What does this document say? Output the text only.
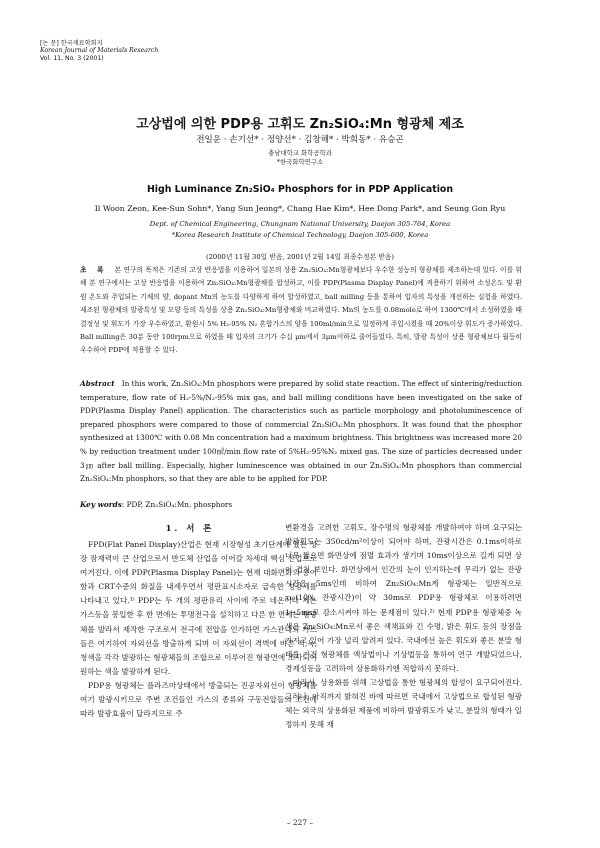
[논 문] 한국재료학회지
Korean Journal of Materials Research
Vol. 11, No. 3 (2001)
고상법에 의한 PDP용 고휘도 Zn₂SiO₄:Mn 형광체 제조
전일운 · 손기선* · 정양선* · 김창해* · 박희동* · 유승곤
충남대학교 화학공학과
*한국화학연구소
High Luminance Zn₂SiO₄ Phosphors for in PDP Application
Il Woon Zeon, Kee-Sun Sohn*, Yang Sun Jeong*, Chang Hae Kim*, Hee Dong Park*, and Seung Gon Ryu
Dept. of Chemical Engineering, Chungnam National University, Daejon 305-764, Korea
*Korea Research Institute of Chemical Technology, Daejon 305-600, Korea
(2000년 11월 30일 받음, 2001년 2월 14일 최종수정본 받음)
초 록 본 연구의 목적은 기존의 고상 반응법을 이용하여 일본의 상용 Zn₂SiO₄:Mn형광체보다 우수한 성능의 형광체를 제조하는데 있다. 이를 위해 본 연구에서는 고상 반응법을 이용하여 Zn₂SiO₄:Mn형광체를 합성하고, 이를 PDP(Plasma Display Panel)에 적용하기 위하여 소성온도 및 환원 온도와 주입되는 기체의 양, dopant Mn의 농도를 다양하게 하여 합성하였고, ball milling 등을 통하여 입자의 특성을 개선하는 실험을 하였다. 제조된 형광체의 발광특성 및 모양 등의 특성을 상용 Zn₂SiO₄:Mn형광체와 비교하였다. Mn의 농도를 0.08mole로 하여 1300℃에서 소성하였을 때 결정성 및 휘도가 가장 우수하였고, 환원시 5% H₂-95% N₂ 혼합가스의 양을 100ml/min으로 일정하게 주입시켰을 때 20%이상 휘도가 증가하였다. Ball milling은 30분 동안 100rpm으로 하였을 때 입자의 크기가 수십 μm에서 3μm이하로 줄어들었다. 특히, 발광 특성이 상용 형광체보다 월등히 우수하여 PDP에 적용할 수 있다.
Abstract In this work, Zn₂SiO₄:Mn phosphors were prepared by solid state reaction. The effect of sintering/reduction temperature, flow rate of H₂-5%/N₂-95% mix gas, and ball milling conditions have been investigated on the sake of PDP(Plasma Display Panel) application. The characteristics such as particle morphology and photoluminescence of prepared phosphors were compared to those of commercial Zn₂SiO₄:Mn phosphors. It was found that the phosphor synthesized at 1300℃ with 0.08 Mn concentration had a maximum brightness. This brightness was increased more 20 % by reduction treatment under 100㎖/min flow rate of 5%H₂-95%N₂ mixed gas. The size of particles decreased under 3㎛ after ball milling. Especially, higher luminescence was obtained in our Zn₂SiO₄:Mn phosphors than commercial Zn₂SiO₄:Mn phosphors, so that they are able to be applied for PDP.
Key words: PDP, Zn₂SiO₄:Mn, phosphors
1. 서 론

FPD(Flat Panel Display)산업은 현재 시장형성 초기단계에 있는 성장 잠재력이 큰 산업으로서 반도체 산업을 이어갈 차세대 핵심 산업으로 여겨진다. 이에 PDP(Plasma Display Panel)는 현재 대화면화의 용이함과 CRT수준의 화질을 내세우면서 평판표시소자로 급속한 성장세를 나타내고 있다.¹⁾ PDP는 두 개의 평판유리 사이에 주로 네온이나 제논 가스등을 봉입한 후 한 면에는 투명전극을 설치하고 다른 한 면에는 형광체를 발라서 제작한 구조로서 전극에 전압을 인가하면 가스관내의 가스들은 여기하여 자외선을 방출하게 되며 이 자외선이 격벽에 바른 적,녹,청색을 각각 발광하는 형광체들의 조합으로 이루어진 형광면에 조사되어 원하는 색을 발광하게 된다.

PDP용 형광체는 플라즈마상태에서 방출되는 진공자외선이 형광체를 여기 발광시키므로 주변 조건들인 가스의 종류와 구동전압들의 조건에 따라 발광효율이 달라지므로 주

변환경을 고려한 고휘도, 장수명의 형광체를 개발하여야 하며 요구되는 발광휘도는 350cd/m²이상이 되어야 하며, 잔광시간은 0.1ms이하로 너무 짧으면 화면상에 점멸 효과가 생기며 10ms이상으로 길게 되면 상이 겹쳐 보인다. 화면상에서 인간의 눈이 인지하는데 무리가 없는 잔광 시간은 5ms인데 비하여 Zn₂SiO₄:Mn계 형광체는 일반적으로 τ₁₀(10% 잔광시간)이 약 30ms로 PDP용 형광체로 이용하려면 1∼5ms로 감소시켜야 하는 문제점이 있다.²⁾ 현재 PDP용 형광체중 녹색은 Zn₂SiO₄:Mn로서 좋은 색채표와 긴 수명, 밝은 휘도 등의 장점을 가지고 있어 가장 널리 알려져 있다. 국내에선 높은 휘도와 좋은 분말 형태를 가진 형광체를 액상법이나 기상법등을 통하여 연구 개발되었으나, 경제성등을 고려하여 상용화하기엔 적합하지 못하다.

따라서, 상용화를 위해 고상법을 통한 형광체의 합성이 요구되어진다. 그러나, 아직까지 밝혀진 바에 따르면 국내에서 고상법으로 합성된 형광체는 외국의 상용화된 제품에 비하여 발광휘도가 낮고, 분말의 형태가 일정하지 못해 재

– 227 –
